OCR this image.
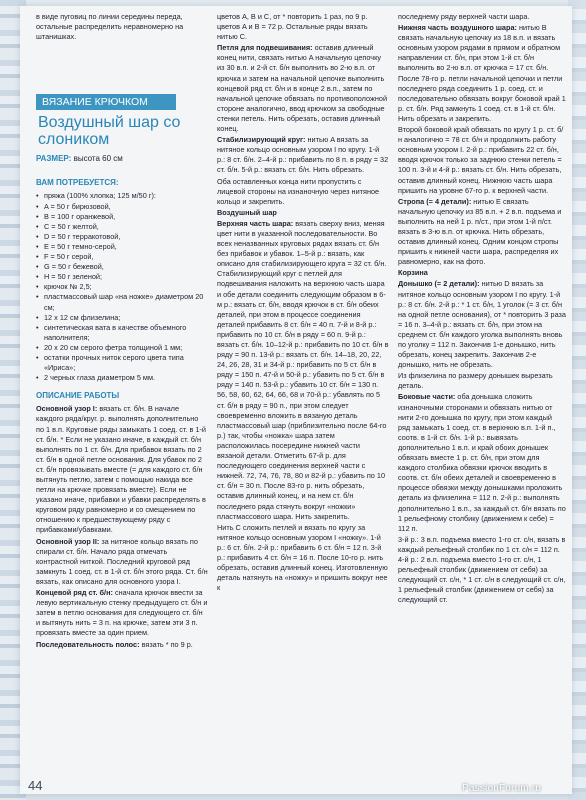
в виде пуговиц по линии середины переда, остальные распределить неравномерно на штанишках.

ВЯЗАНИЕ КРЮЧКОМ
Воздушный шар со слоником
РАЗМЕР: высота 60 см
ВАМ ПОТРЕБУЕТСЯ:
• пряжа (100% хлопка; 125 м/50 г):
• A = 50 г бирюзовой,
• B = 100 г оранжевой,
• C = 50 г желтой,
• D = 50 г терракотовой,
• E = 50 г темно-серой,
• F = 50 г серой,
• G = 50 г бежевой,
• H = 50 г зеленой;
• крючок № 2,5;
• пластмассовый шар «на ножке» диаметром 20 см;
• 12 х 12 см флизелина;
• синтетическая вата в качестве объемного наполнителя;
• 20 х 20 см серого фетра толщиной 1 мм;
• остатки прочных ниток серого цвета типа «Ириса»;
• 2 черных глаза диаметром 5 мм.
ОПИСАНИЕ РАБОТЫ

Основной узор I: вязать ст. б/н. В начале каждого ряда/круг. р. выполнять дополнительно по 1 в.п. Круговые ряды замыкать 1 соед. ст. в 1-й ст. б/н. * Если не указано иначе, в каждый ст. б/н выполнять по 1 ст. б/н. Для прибавок вязать по 2 ст. б/н в одной петле основания. Для убавок по 2 ст. б/н провязывать вместе (= для каждого ст. б/н вытянуть петлю, затем с помощью накида все петли на крючке провязать вместе). Если не указано иначе, прибавки и убавки распределять в круговом ряду равномерно и со смещением по отношению к предшествующему ряду с прибавками/убавками.

Основной узор II: за нитяное кольцо вязать по спирали ст. б/н. Начало ряда отмечать контрастной ниткой. Последний круговой ряд замкнуть 1 соед. ст. в 1-й ст. б/н этого ряда. Ст. б/н вязать, как описано для основного узора I.

Концевой ряд ст. б/н: сначала крючок ввести за левую вертикальную стенку предыдущего ст. б/н и затем в петлю основания для следующего ст. б/н и вытянуть нить = 3 п. на крючке, затем эти 3 п. провязать вместе за один прием.

Последовательность полос: вязать * по 9 р.

цветов A, B и C, от * повторить 1 раз, по 9 р. цветов A и B = 72 р. Остальные ряды вязать нитью C.

Петля для подвешивания: оставив длинный конец нити, связать нитью A начальную цепочку из 30 в.п. и 2-й ст. б/н выполнить во 2-ю в.п. от крючка и затем на начальной цепочке выполнить концевой ряд ст. б/н и в конце 2 в.п., затем по начальной цепочке обвязать по противоположной стороне аналогично, ввод крючком за свободные стенки петель. Нить обрезать, оставив длинный конец.

Стабилизирующий круг: нитью A вязать за нитяное кольцо основным узором I по кругу. 1-й р.: 8 ст. б/н. 2–4-й р.: прибавить по 8 п. в ряду = 32 ст. б/н. 5-й р.: вязать ст. б/н. Нить обрезать.

Оба оставленных конца нити пропустить с лицевой стороны на изнаночную через нитяное кольцо и закрепить.

Воздушный шар

Верхняя часть шара: вязать сверху вниз, меняя цвет нити в указанной последовательности. Во всех неназванных круговых рядах вязать ст. б/н без прибавок и убавок. 1–5-й р.: вязать, как описано для стабилизирующего круга = 32 ст. б/н. Стабилизирующий круг с петлей для подвешивания наложить на верхнюю часть шара и обе детали соединить следующим образом в 6-м р.: вязать ст. б/н, вводя крючок в ст. б/н обеих деталей, при этом в процессе соединения деталей прибавить 8 ст. б/н = 40 п. 7-й и 8-й р.: прибавить по 10 ст. б/н в ряду = 60 п. 9-й р.: вязать ст. б/н. 10–12-й р.: прибавить по 10 ст. б/н в ряду = 90 п. 13-й р.: вязать ст. б/н. 14–18, 20, 22, 24, 26, 28, 31 и 34-й р.: прибавить по 5 ст. б/н в ряду = 150 п. 47-й и 50-й р.: убавить по 5 ст. б/н в ряду = 140 п. 53-й р.: убавить 10 ст. б/н = 130 п. 56, 58, 60, 62, 64, 66, 68 и 70-й р.: убавлять по 5 ст. б/н в ряду = 90 п., при этом следует своевременно вложить в вязаную деталь пластмассовый шар (приблизительно после 64-го р.) так, чтобы «ножка» шара затем расположилась посередине нижней части вязаной детали. Отметить 67-й р. для последующего соединения верхней части с нижней. 72, 74, 76, 78, 80 и 82-й р.: убавить по 10 ст. б/н = 30 п. После 83-го р. нить обрезать, оставив длинный конец, и на нем ст. б/н последнего ряда стянуть вокруг «ножки» пластмассового шара. Нить закрепить.

Нить C сложить петлей и вязать по кругу за нитяное кольцо основным узором I «ножку». 1-й р.: 6 ст. б/н. 2-й р.: прибавить 6 ст. б/н = 12 п. 3-й р.: прибавить 4 ст. б/н = 16 п. После 10-го р. нить обрезать, оставив длинный конец. Изготовленную деталь натянуть на «ножку» и пришить вокруг нее к

последнему ряду верхней части шара.

Нижняя часть воздушного шара: нитью B связать начальную цепочку из 18 в.п. и вязать основным узором рядами в прямом и обратном направлении ст. б/н, при этом 1-й ст. б/н выполнить во 2-ю в.п. от крючка = 17 ст. б/н. После 78-го р. петли начальной цепочки и петли последнего ряда соединить 1 р. соед. ст. и последовательно обвязать вокруг боковой край 1 р. ст. б/н. Ряд замкнуть 1 соед. ст. в 1-й ст. б/н. Нить обрезать и закрепить.

Второй боковой край обвязать по кругу 1 р. ст. б/н аналогично = 78 ст. б/н и продолжить работу основным узором I. 2-й р.: прибавить 22 ст. б/н, вводя крючок только за заднюю стенки петель = 100 п. 3-й и 4-й р.: вязать ст. б/н. Нить обрезать, оставив длинный конец. Нижнюю часть шара пришить на уровне 67-го р. к верхней части.

Стропа (= 4 детали): нитью E связать начальную цепочку из 85 в.п. + 2 в.п. подъема и выполнить на ней 1 р. п/ст., при этом 1-й п/ст. вязать в 3-ю в.п. от крючка. Нить обрезать, оставив длинный конец. Одним концом стропы пришить к нижней части шара, распределяя их равномерно, как на фото.

Корзина

Донышко (= 2 детали): нитью D вязать за нитяное кольцо основным узором I по кругу. 1-й р.: 8 ст. б/н. 2-й р.: * 1 ст. б/н, 1 уголок (= 3 ст. б/н на одной петле основания), от * повторить 3 раза = 16 п. 3–4-й р.: вязать ст. б/н, при этом на среднем ст. б/н каждого уголка выполнять вновь по уголку = 112 п. Закончив 1-е донышко, нить обрезать, конец закрепить. Закончив 2-е донышко, нить не обрезать.

Из флизелина по размеру донышек вырезать деталь.

Боковые части: оба донышка сложить изнаночными сторонами и обвязать нитью от нити 2-го донышка по кругу, при этом каждый ряд замыкать 1 соед. ст. в верхнюю в.п. 1-й п., соотв. в 1-й ст. б/н. 1-й р.: вывязать дополнительно 1 в.п. и край обоих донышек обвязать вместе 1 р. ст. б/н, при этом для каждого столбика обвязки крючок вводить в соотв. ст. б/н обеих деталей и своевременно в процессе обвязки между донышками проложить деталь из флизелина = 112 п. 2-й р.: выполнять дополнительно 1 в.п., за каждый ст. б/н вязать по 1 рельефному столбику (движением к себе) = 112 п.

3-й р.: 3 в.п. подъема вместо 1-го ст. с/н, вязать в каждый рельефный столбик по 1 ст. с/н = 112 п. 4-й р.: 2 в.п. подъема вместо 1-го ст. с/н, 1 рельефный столбик (движением от себя) за следующий ст. с/н, * 1 ст. с/н в следующий ст. с/н, 1 рельефный столбик (движением от себя) за следующий ст.

44	PassionForum.ru
